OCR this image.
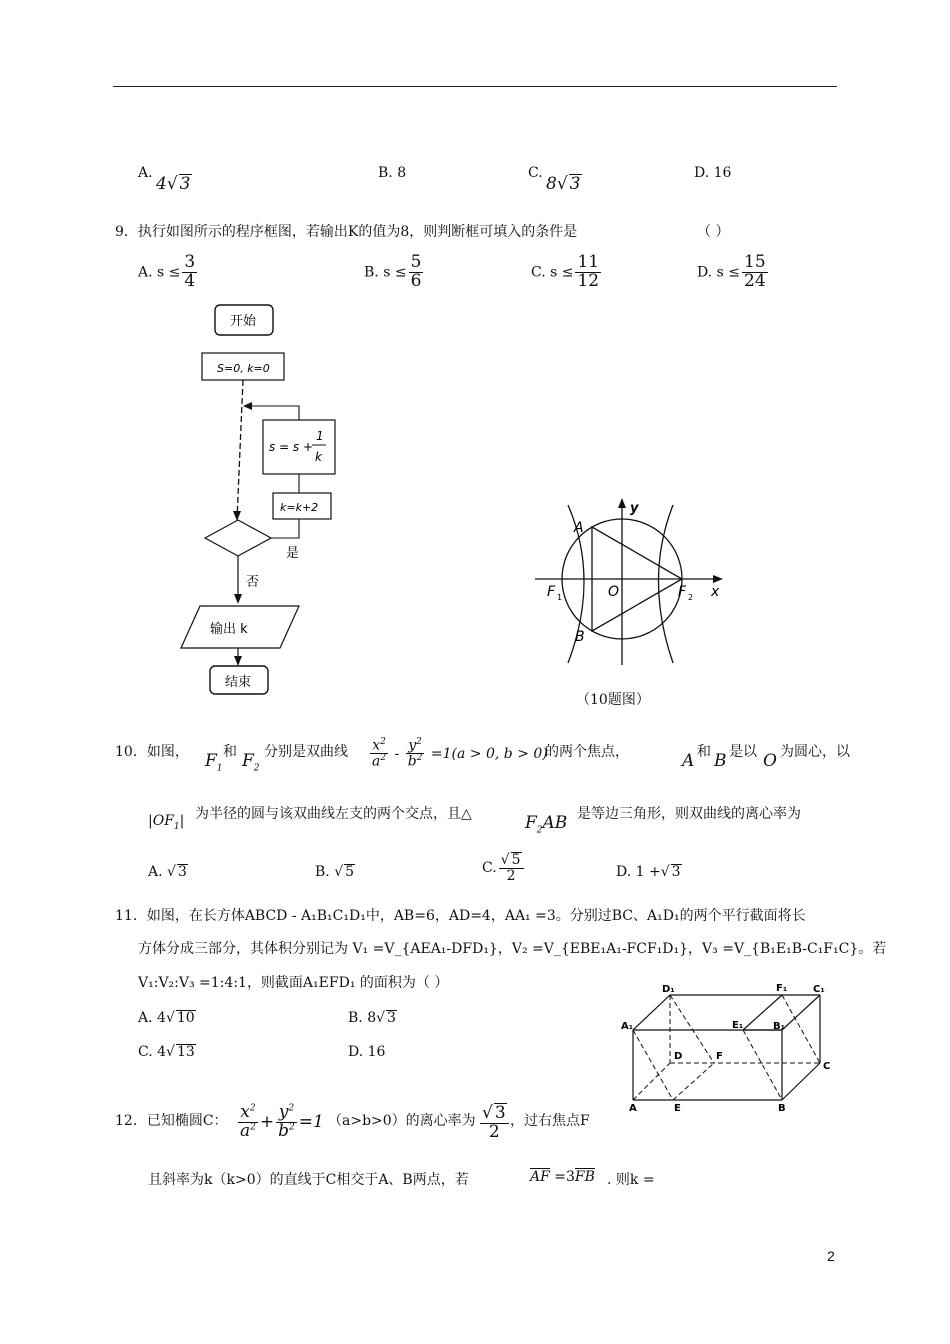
A.
4√ 3
B. 8	C.
8√ 3
D. 16
9．执行如图所示的程序框图，若输出K的值为8，则判断框可填入的条件是	（ ）
A. $s \le \frac{3}{4}$	B. $s \le \frac{5}{6}$	C. $s \le \frac{11}{12}$	D. $s \le \frac{15}{24}$
开始
S=0, k=0
s = s +
1
k
k=k+2
是
否
输出 k
结束
A
B
O
F 1	F 2 x
y
（10题图）
10．如图， $F_1$
和 $F_2$
分别是双曲线 $\frac{x^2}{a^2} - \frac{y^2}{b^2} =1(a > 0$, b > 0)
的两个焦点，	A 和 B 是以 O 为圆心，以
$|OF_1|$ 为半径的圆与该双曲线左支的两个交点，且△	$F_2AB$ 是等边三角形，则双曲线的离心率为
A. √ 3	B. √ 5	C. $\frac{√ 5}{2}$	D. 1 +√ 3
11．如图，在长方体ABCD - A₁B₁C₁D₁中，AB=6，AD=4，AA₁ =3。分别过BC、A₁D₁的两个平行截面将长
方体分成三部分，其体积分别记为 V₁ =V_{AEA₁-DFD₁}，V₂ =V_{EBE₁A₁-FCF₁D₁}，V₃ =V_{B₁E₁B-C₁F₁C}。若
V₁:V₂:V₃ =1:4:1，则截面A₁EFD₁ 的面积为（ ）
A. 4√ 10	B. 8√ 3
C. 4√ 13	D. 16
D₁	F₁	C₁
A₁	E₁	B₁
D	F
C
A	E	B
12．已知椭圆C： $\frac{x^2}{a^2} + \frac{y^2}{b^2} =1$ （a>b>0）的离心率为 $\frac{√ 3}{2}$ ，过右焦点F
且斜率为k（k>0）的直线于C相交于A、B两点，若	AF =3FB . 则k =
2
